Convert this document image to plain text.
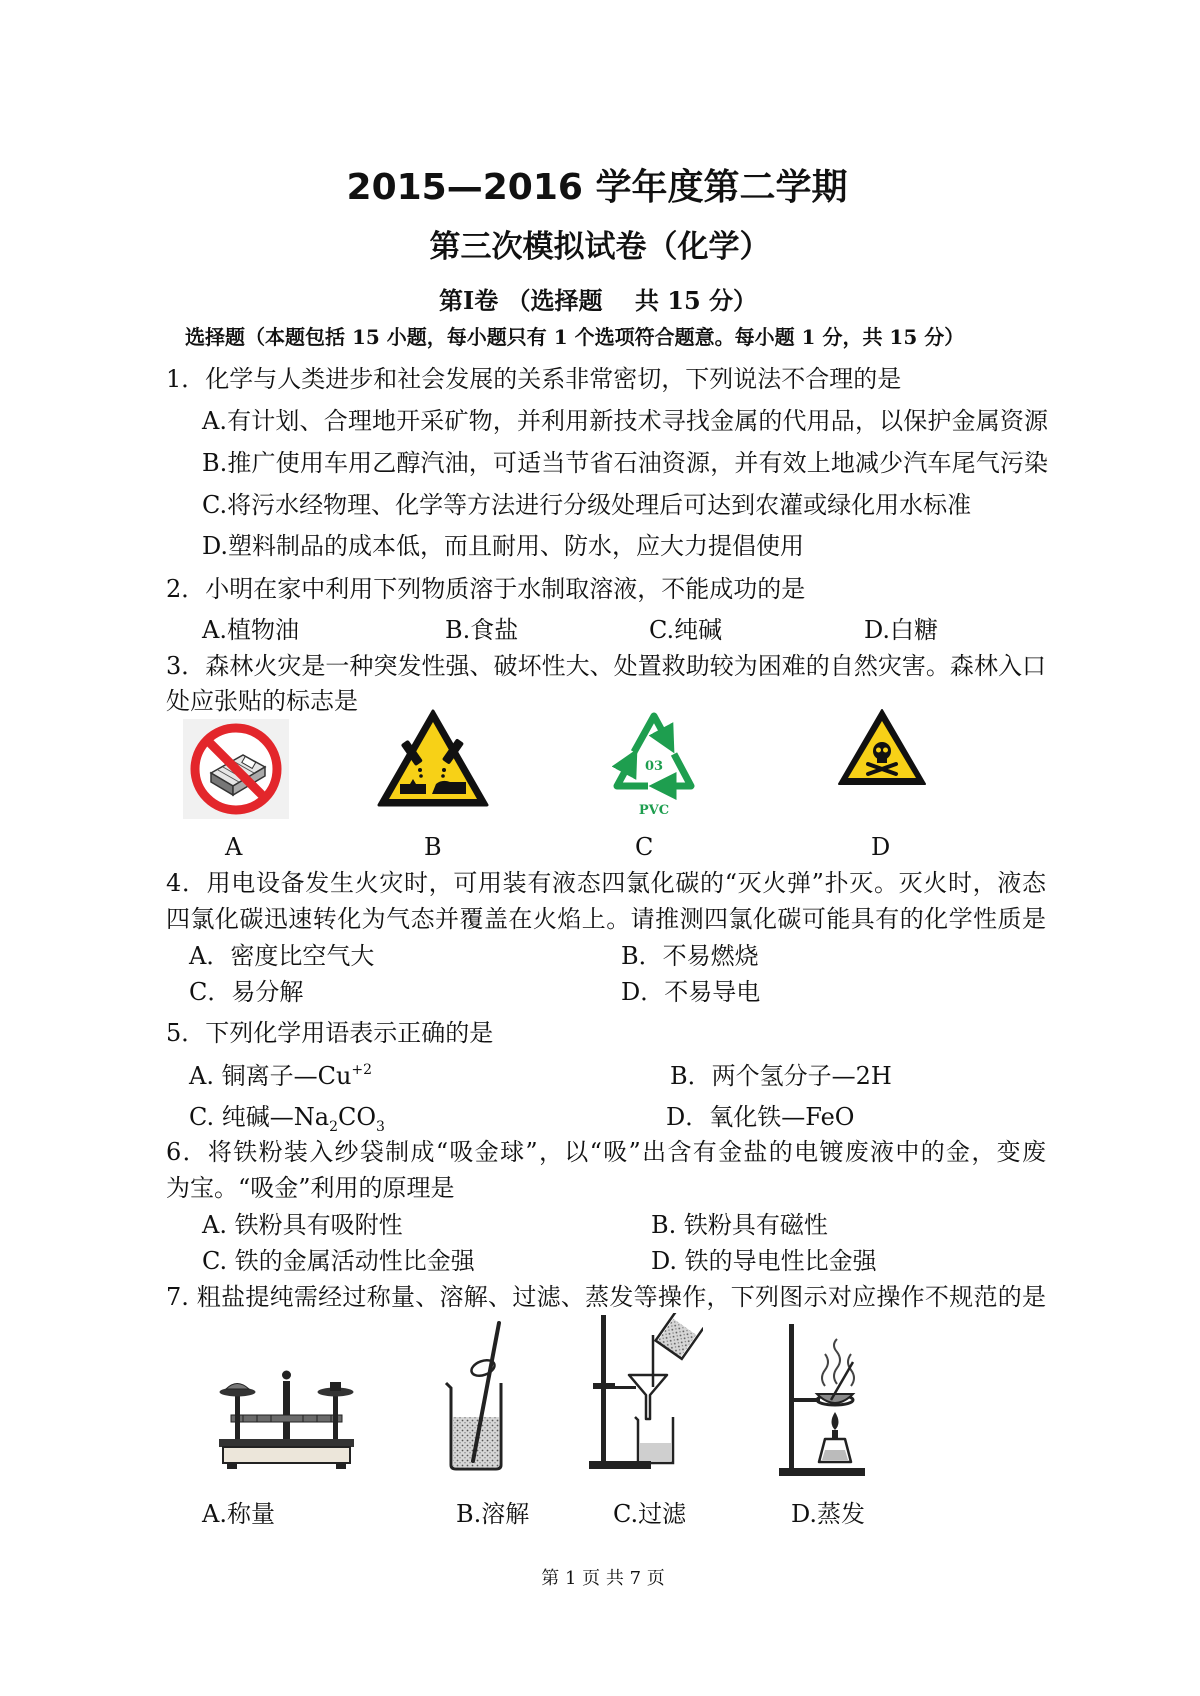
2015—2016 学年度第二学期
第三次模拟试卷（化学）
第Ⅰ卷 （选择题　 共 15 分）
选择题（本题包括 15 小题，每小题只有 1 个选项符合题意。每小题 1 分，共 15 分）
1．化学与人类进步和社会发展的关系非常密切，下列说法不合理的是
A.有计划、合理地开采矿物，并利用新技术寻找金属的代用品，以保护金属资源
B.推广使用车用乙醇汽油，可适当节省石油资源，并有效上地减少汽车尾气污染
C.将污水经物理、化学等方法进行分级处理后可达到农灌或绿化用水标准
D.塑料制品的成本低，而且耐用、防水，应大力提倡使用
2．小明在家中利用下列物质溶于水制取溶液，不能成功的是
A.植物油	B.食盐	C.纯碱	D.白糖
3．森林火灾是一种突发性强、破坏性大、处置救助较为困难的自然灾害。森林入口
处应张贴的标志是
03
PVC
A	B	C	D
4．用电设备发生火灾时，可用装有液态四氯化碳的“灭火弹”扑灭。灭火时，液态
四氯化碳迅速转化为气态并覆盖在火焰上。请推测四氯化碳可能具有的化学性质是
A．密度比空气大	B．不易燃烧
C．易分解	D．不易导电
5．下列化学用语表示正确的是
A. 铜离子$—Cu^{+2}$	B．两个氢分子—2H
C. 纯碱$—Na_2CO_3$	D．氧化铁—FeO
6．将铁粉装入纱袋制成“吸金球”，以“吸”出含有金盐的电镀废液中的金，变废
为宝。“吸金”利用的原理是
A. 铁粉具有吸附性	B. 铁粉具有磁性
C. 铁的金属活动性比金强	D. 铁的导电性比金强
7. 粗盐提纯需经过称量、溶解、过滤、蒸发等操作，下列图示对应操作不规范的是
A.称量	B.溶解	C.过滤	D.蒸发
第 1 页 共 7 页
